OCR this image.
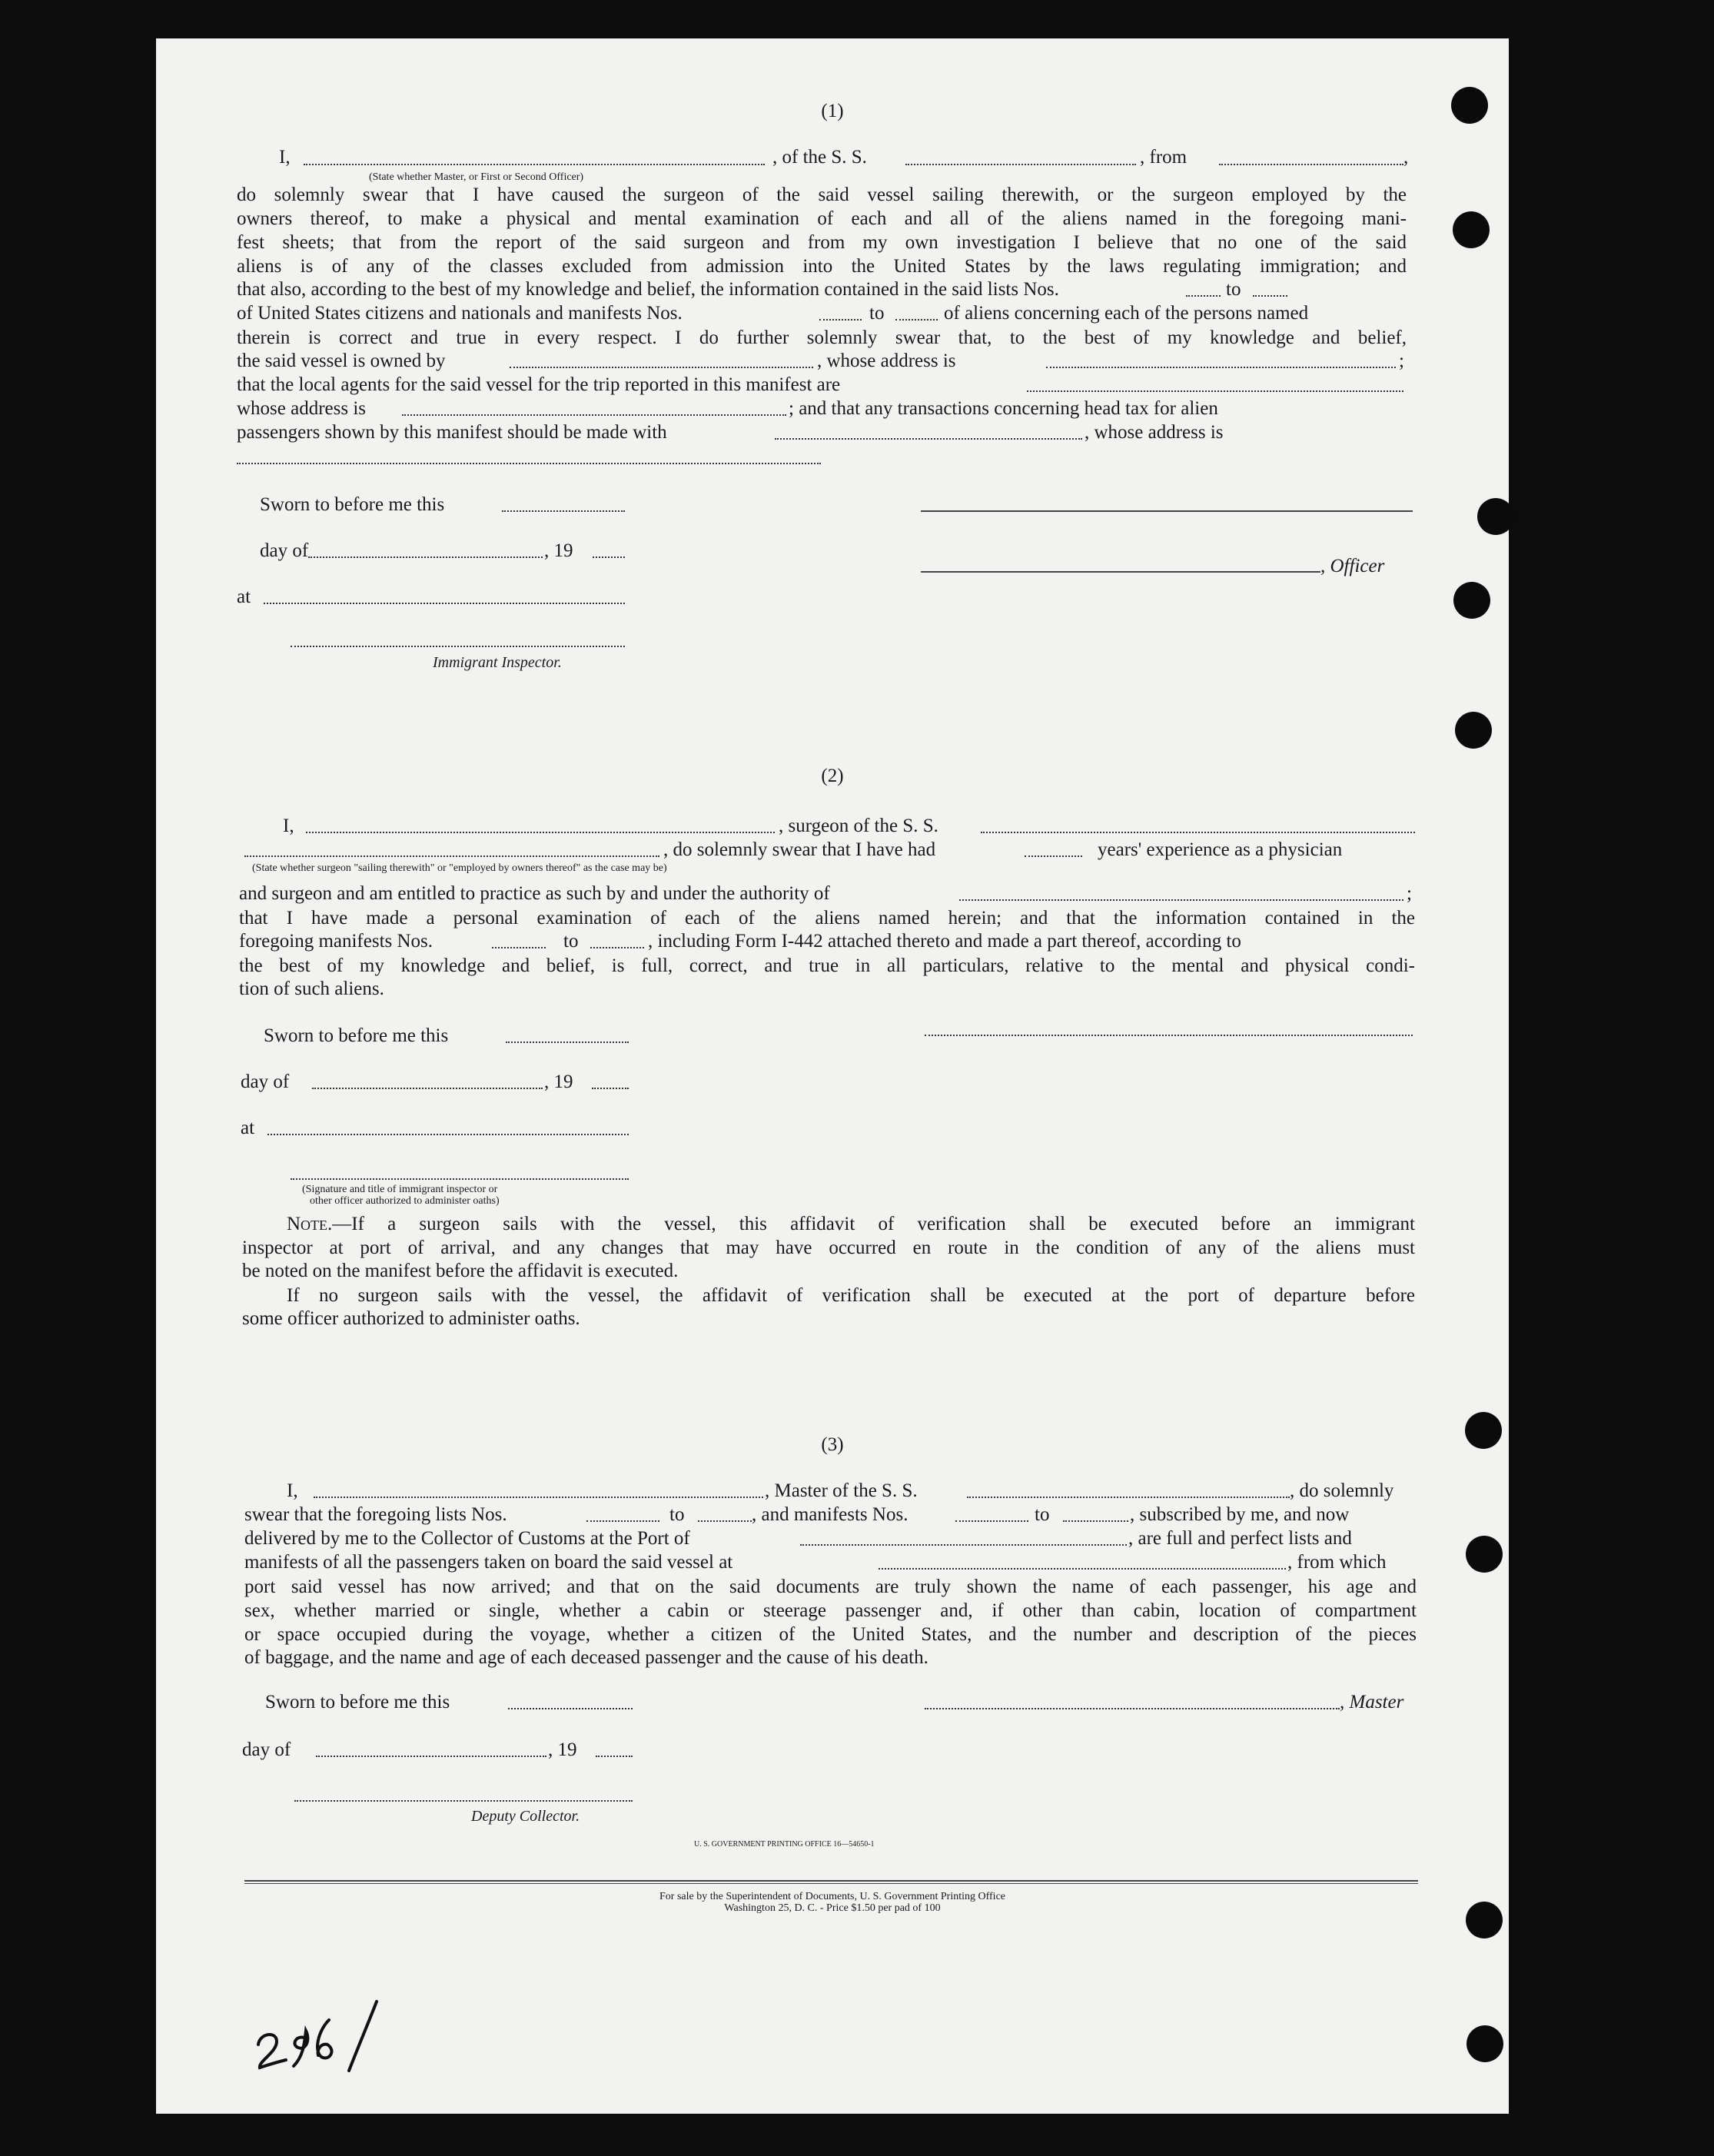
(1)
I,
(State whether Master, or First or Second Officer)
, of the S. S.	, from	,
do solemnly swear that I have caused the surgeon of the said vessel sailing therewith, or the surgeon employed by the
owners thereof, to make a physical and mental examination of each and all of the aliens named in the foregoing mani-
fest sheets; that from the report of the said surgeon and from my own investigation I believe that no one of the said
aliens is of any of the classes excluded from admission into the United States by the laws regulating immigration; and
that also, according to the best of my knowledge and belief, the information contained in the said lists Nos.	to
of United States citizens and nationals and manifests Nos.	to	of aliens concerning each of the persons named
therein is correct and true in every respect. I do further solemnly swear that, to the best of my knowledge and belief,
the said vessel is owned by	, whose address is	;
that the local agents for the said vessel for the trip reported in this manifest are
whose address is	; and that any transactions concerning head tax for alien
passengers shown by this manifest should be made with	, whose address is
Sworn to before me this
day of	, 19
, Officer
at
Immigrant Inspector.
(2)
I,	, surgeon of the S. S.
, do solemnly swear that I have had	years' experience as a physician
(State whether surgeon "sailing therewith" or "employed by owners thereof" as the case may be)
and surgeon and am entitled to practice as such by and under the authority of	;
that I have made a personal examination of each of the aliens named herein; and that the information contained in the
foregoing manifests Nos.	to	, including Form I-442 attached thereto and made a part thereof, according to
the best of my knowledge and belief, is full, correct, and true in all particulars, relative to the mental and physical condi-
tion of such aliens.
Sworn to before me this
day of	, 19
at
(Signature and title of immigrant inspector or
other officer authorized to administer oaths)
Note.—If a surgeon sails with the vessel, this affidavit of verification shall be executed before an immigrant
inspector at port of arrival, and any changes that may have occurred en route in the condition of any of the aliens must
be noted on the manifest before the affidavit is executed.
If no surgeon sails with the vessel, the affidavit of verification shall be executed at the port of departure before
some officer authorized to administer oaths.
(3)
I,	, Master of the S. S.	, do solemnly
swear that the foregoing lists Nos.	to	, and manifests Nos.	to	, subscribed by me, and now
delivered by me to the Collector of Customs at the Port of	, are full and perfect lists and
manifests of all the passengers taken on board the said vessel at	, from which
port said vessel has now arrived; and that on the said documents are truly shown the name of each passenger, his age and
sex, whether married or single, whether a cabin or steerage passenger and, if other than cabin, location of compartment
or space occupied during the voyage, whether a citizen of the United States, and the number and description of the pieces
of baggage, and the name and age of each deceased passenger and the cause of his death.
Sworn to before me this	, Master
day of	, 19
Deputy Collector.
U. S. GOVERNMENT PRINTING OFFICE 16—54650-1
For sale by the Superintendent of Documents, U. S. Government Printing Office
Washington 25, D. C. - Price $1.50 per pad of 100
